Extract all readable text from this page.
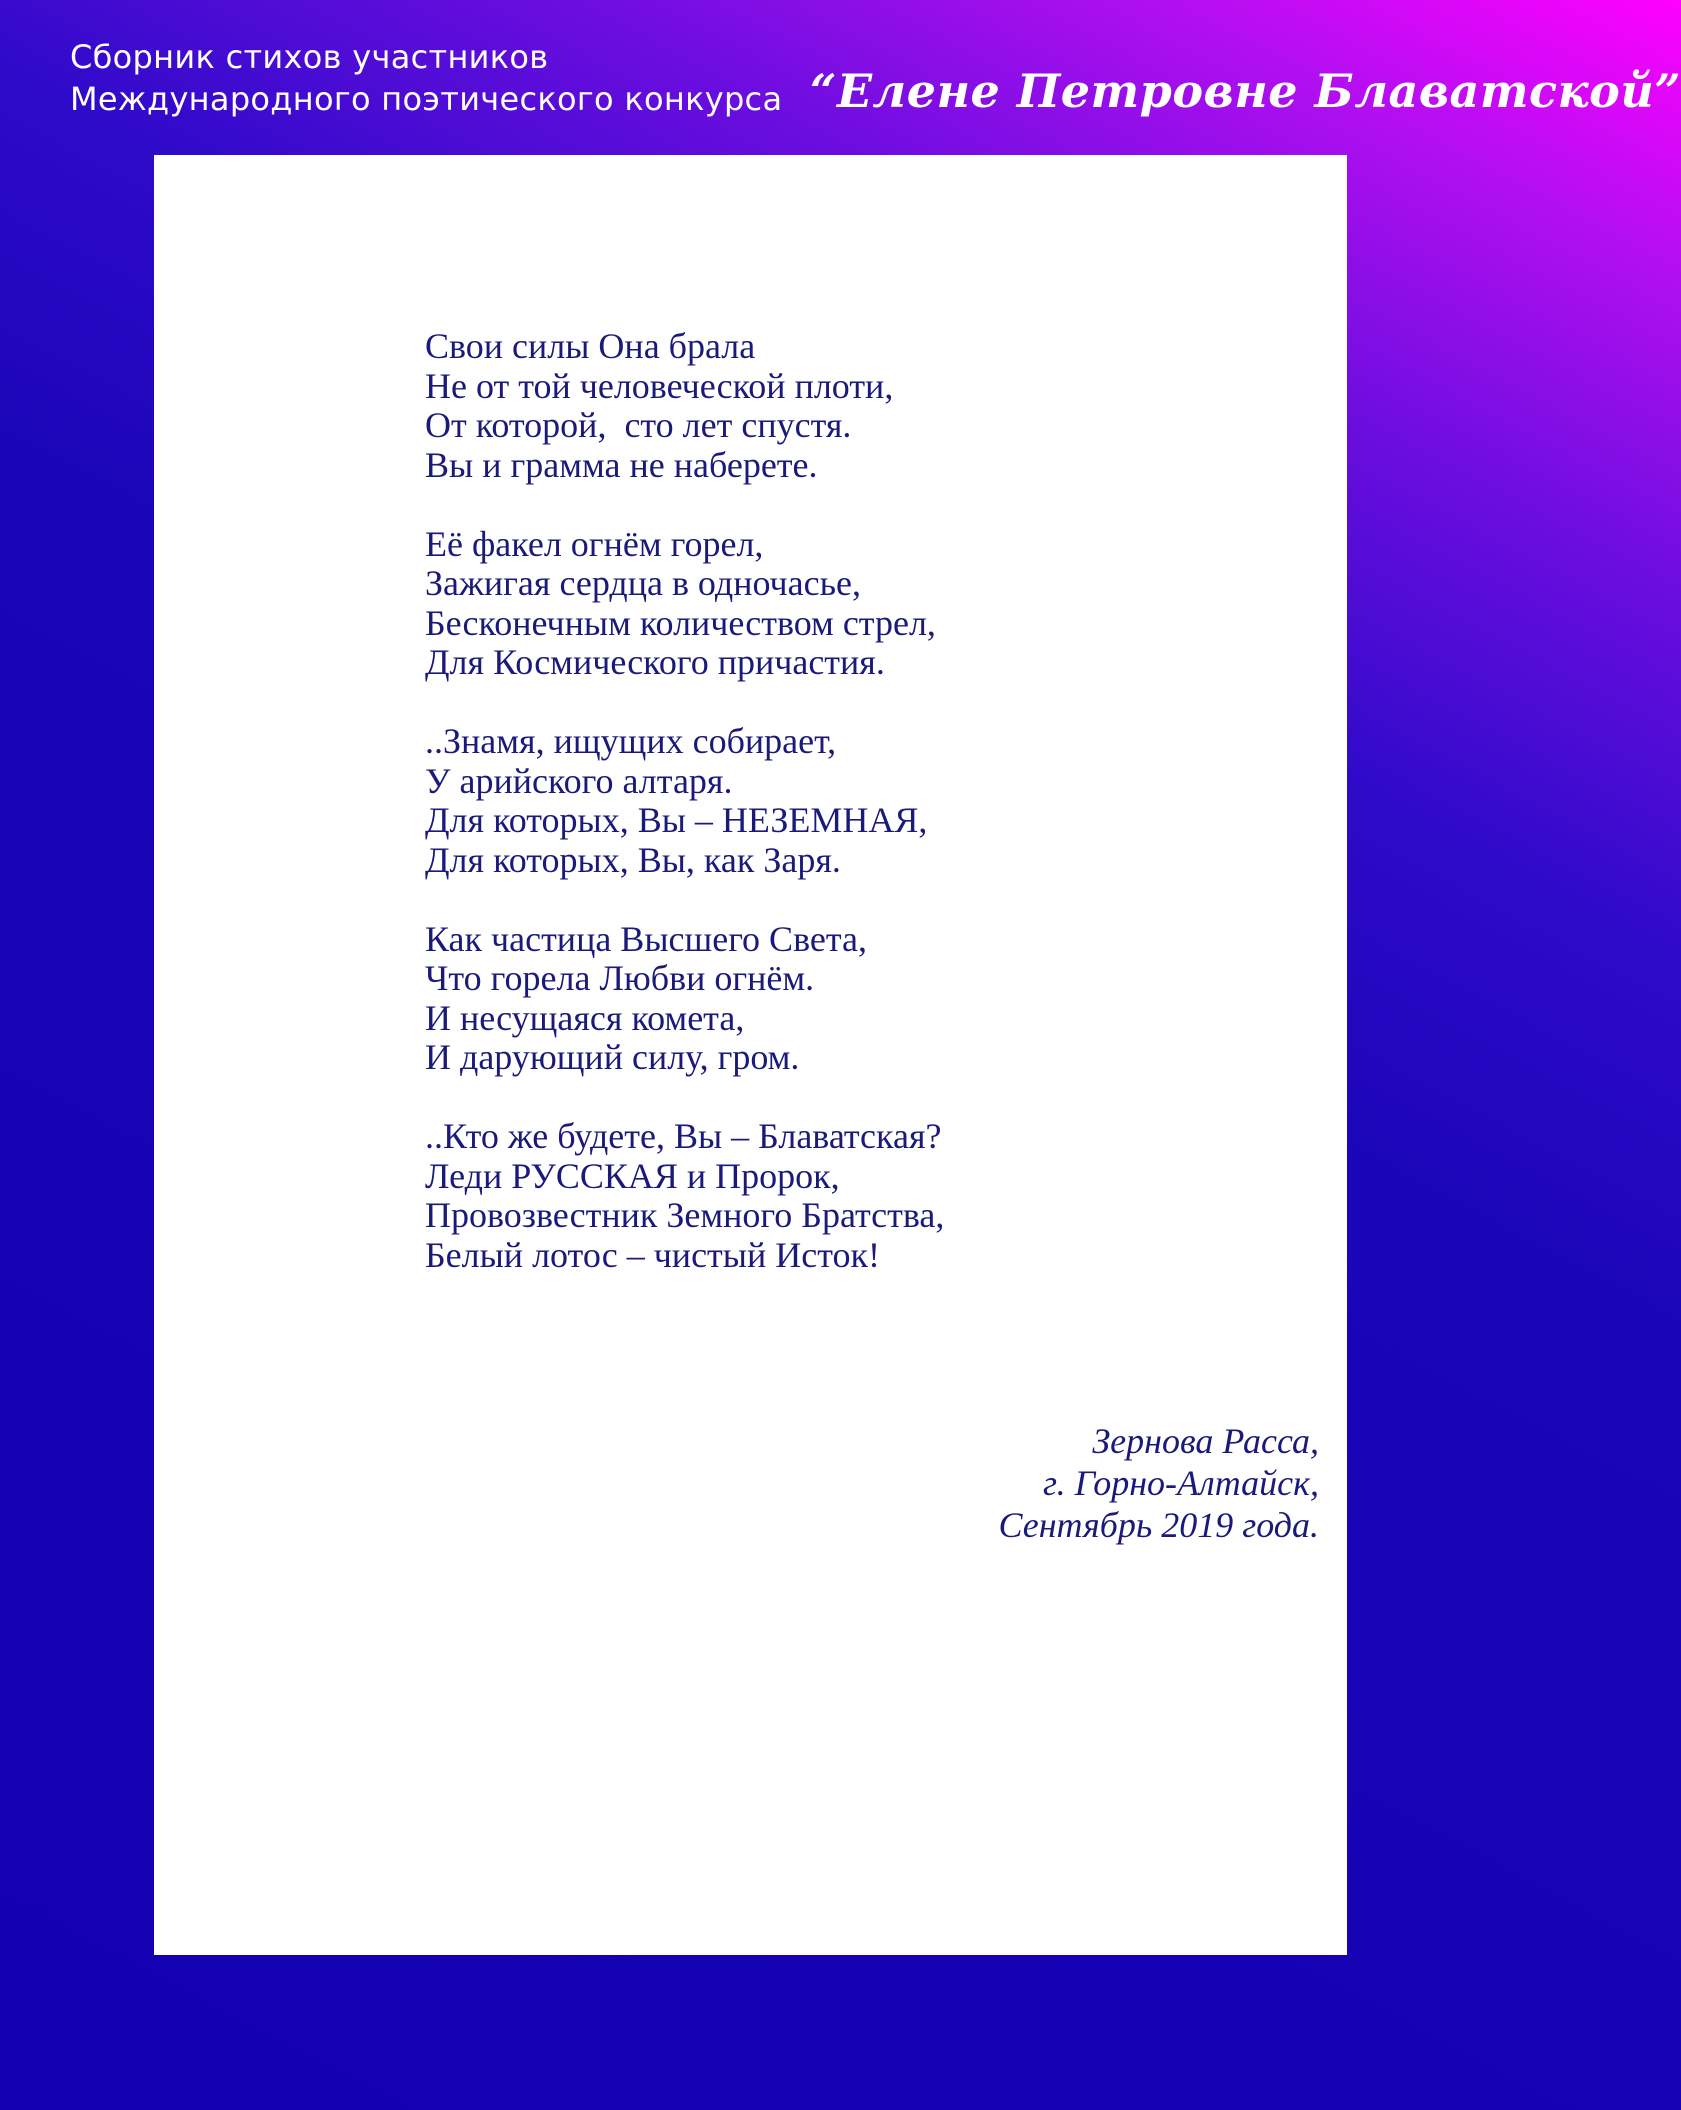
Сборник стихов участников
Международного поэтического конкурса “Елене Петровне Блаватской”
Свои силы Она брала
Не от той человеческой плоти,
От которой,  сто лет спустя.
Вы и грамма не наберете.
Её факел огнём горел,
Зажигая сердца в одночасье,
Бесконечным количеством стрел,
Для Космического причастия.
..Знамя, ищущих собирает,
У арийского алтаря.
Для которых, Вы – НЕЗЕМНАЯ,
Для которых, Вы, как Заря.
Как частица Высшего Света,
Что горела Любви огнём.
И несущаяся комета,
И дарующий силу, гром.
..Кто же будете, Вы – Блаватская?
Леди РУССКАЯ и Пророк,
Провозвестник Земного Братства,
Белый лотос – чистый Исток!
Зернова Расса,
г. Горно-Алтайск,
Сентябрь 2019 года.
